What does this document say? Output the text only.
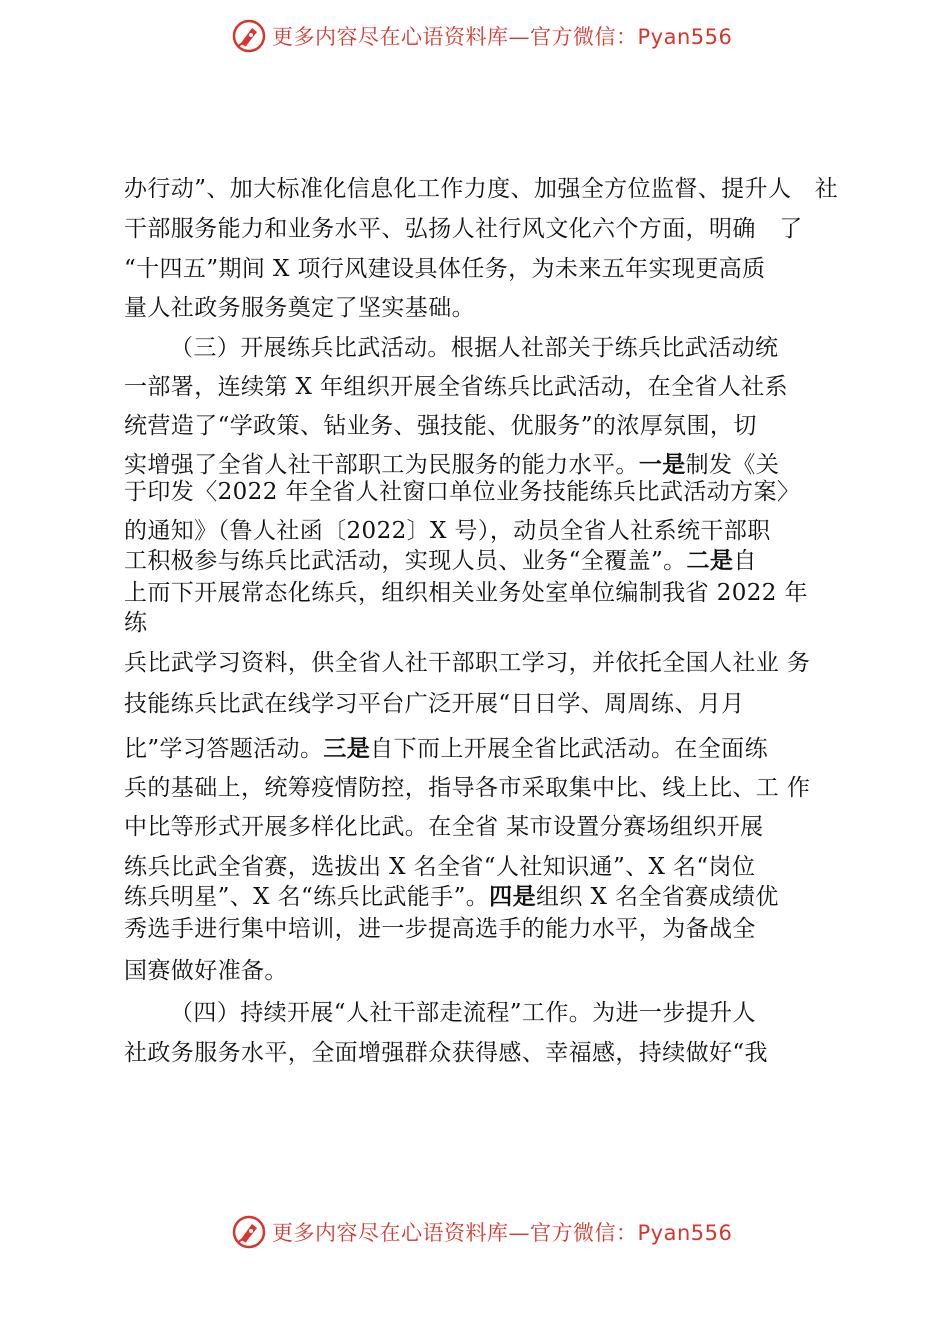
更多内容尽在心语资料库—官方微信：Pyan556
办行动”、加大标准化信息化工作力度、加强全方位监督、提升人　社
干部服务能力和业务水平、弘扬人社行风文化六个方面，明确　了
“十四五”期间 X 项行风建设具体任务，为未来五年实现更高质
量人社政务服务奠定了坚实基础。
（三）开展练兵比武活动。根据人社部关于练兵比武活动统
一部署，连续第 X 年组织开展全省练兵比武活动，在全省人社系
统营造了“学政策、钻业务、强技能、优服务”的浓厚氛围，切
实增强了全省人社干部职工为民服务的能力水平。一是制发《关
于印发〈2022 年全省人社窗口单位业务技能练兵比武活动方案〉
的通知》（鲁人社函〔2022〕X 号），动员全省人社系统干部职
工积极参与练兵比武活动，实现人员、业务“全覆盖”。二是自
上而下开展常态化练兵，组织相关业务处室单位编制我省 2022 年
练
兵比武学习资料，供全省人社干部职工学习，并依托全国人社业 务
技能练兵比武在线学习平台广泛开展“日日学、周周练、月月
比”学习答题活动。三是自下而上开展全省比武活动。在全面练
兵的基础上，统筹疫情防控，指导各市采取集中比、线上比、工 作
中比等形式开展多样化比武。在全省 某市设置分赛场组织开展
练兵比武全省赛，选拔出 X 名全省“人社知识通”、X 名“岗位
练兵明星”、X 名“练兵比武能手”。四是组织 X 名全省赛成绩优
秀选手进行集中培训，进一步提高选手的能力水平，为备战全
国赛做好准备。
（四）持续开展“人社干部走流程”工作。为进一步提升人
社政务服务水平，全面增强群众获得感、幸福感，持续做好“我
更多内容尽在心语资料库—官方微信：Pyan556
